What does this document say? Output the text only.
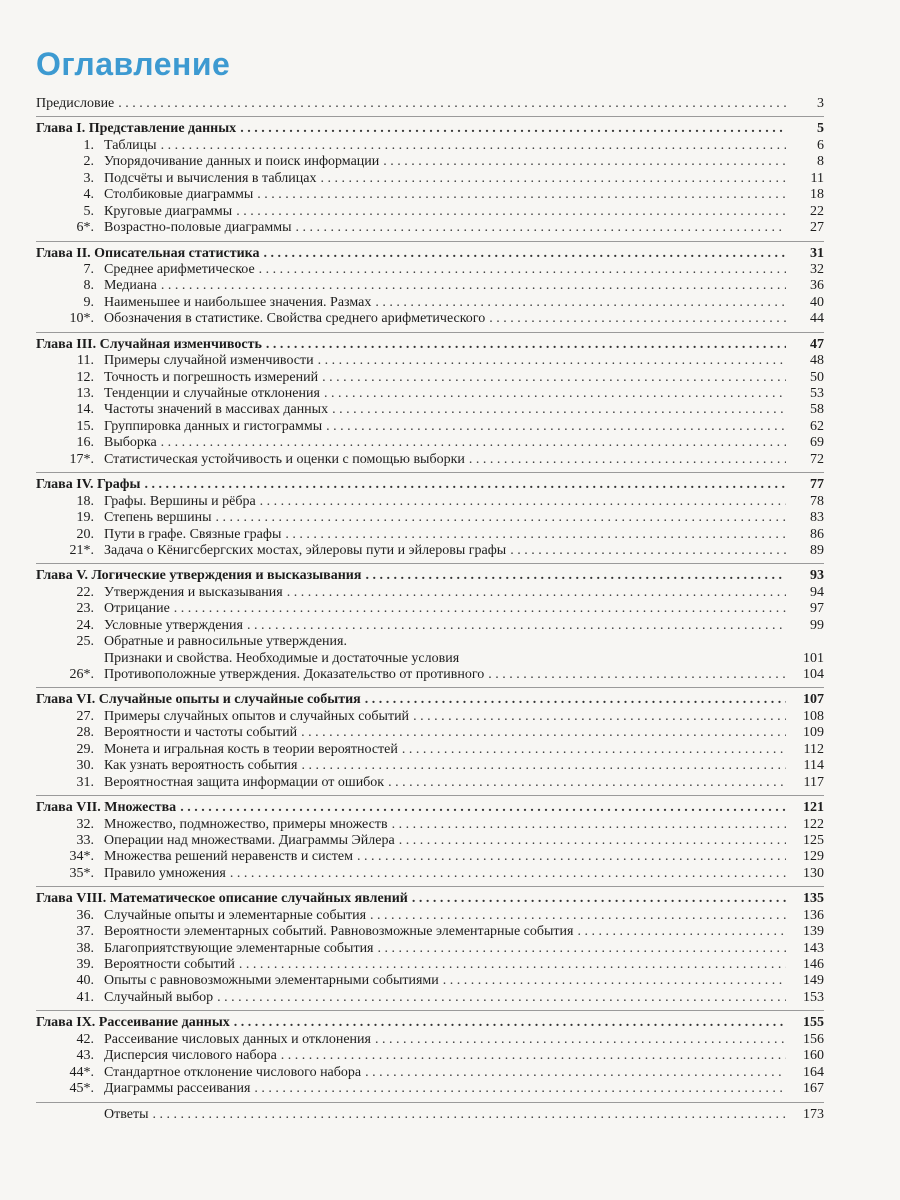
Оглавление
Предисловие . . .	3
Глава I. Представление данных . . .	5
1. Таблицы . . .	6
2. Упорядочивание данных и поиск информации . . .	8
3. Подсчёты и вычисления в таблицах . . .	11
4. Столбиковые диаграммы . . .	18
5. Круговые диаграммы . . .	22
6*. Возрастно-половые диаграммы . . .	27
Глава II. Описательная статистика . . .	31
7. Среднее арифметическое . . .	32
8. Медиана . . .	36
9. Наименьшее и наибольшее значения. Размах . . .	40
10*. Обозначения в статистике. Свойства среднего арифметического . . .	44
Глава III. Случайная изменчивость . . .	47
11. Примеры случайной изменчивости . . .	48
12. Точность и погрешность измерений . . .	50
13. Тенденции и случайные отклонения . . .	53
14. Частоты значений в массивах данных . . .	58
15. Группировка данных и гистограммы . . .	62
16. Выборка . . .	69
17*. Статистическая устойчивость и оценки с помощью выборки . . .	72
Глава IV. Графы . . .	77
18. Графы. Вершины и рёбра . . .	78
19. Степень вершины . . .	83
20. Пути в графе. Связные графы . . .	86
21*. Задача о Кёнигсбергских мостах, эйлеровы пути и эйлеровы графы . . .	89
Глава V. Логические утверждения и высказывания . . .	93
22. Утверждения и высказывания . . .	94
23. Отрицание . . .	97
24. Условные утверждения . . .	99
25. Обратные и равносильные утверждения.
Признаки и свойства. Необходимые и достаточные условия	101
26*. Противоположные утверждения. Доказательство от противного . . .	104
Глава VI. Случайные опыты и случайные события . . .	107
27. Примеры случайных опытов и случайных событий . . .	108
28. Вероятности и частоты событий . . .	109
29. Монета и игральная кость в теории вероятностей . . .	112
30. Как узнать вероятность события . . .	114
31. Вероятностная защита информации от ошибок . . .	117
Глава VII. Множества . . .	121
32. Множество, подмножество, примеры множеств . . .	122
33. Операции над множествами. Диаграммы Эйлера . . .	125
34*. Множества решений неравенств и систем . . .	129
35*. Правило умножения . . .	130
Глава VIII. Математическое описание случайных явлений . . .	135
36. Случайные опыты и элементарные события . . .	136
37. Вероятности элементарных событий. Равновозможные элементарные события . . .	139
38. Благоприятствующие элементарные события . . .	143
39. Вероятности событий . . .	146
40. Опыты с равновозможными элементарными событиями . . .	149
41. Случайный выбор . . .	153
Глава IX. Рассеивание данных . . .	155
42. Рассеивание числовых данных и отклонения . . .	156
43. Дисперсия числового набора . . .	160
44*. Стандартное отклонение числового набора . . .	164
45*. Диаграммы рассеивания . . .	167
Ответы . . .	173
